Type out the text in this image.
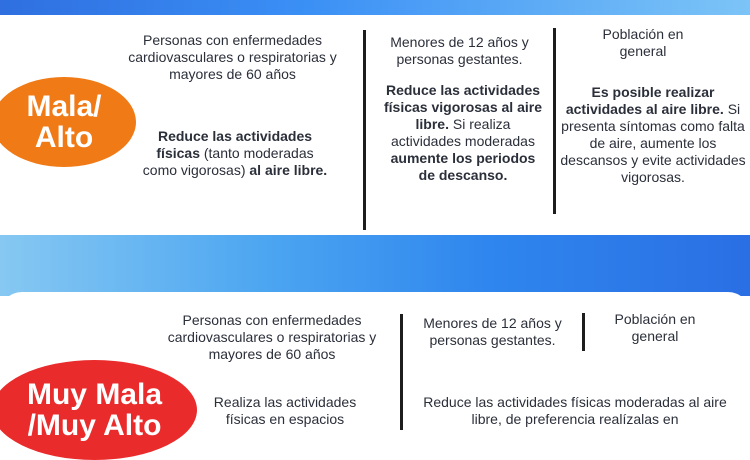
Mala/
Alto
Personas con enfermedades cardiovasculares o respiratorias y mayores de 60 años
Reduce las actividades físicas (tanto moderadas como vigorosas) al aire libre.
Menores de 12 años y personas gestantes.
Reduce las actividades físicas vigorosas al aire libre. Si realiza actividades moderadas aumente los periodos de descanso.
Población en general
Es posible realizar actividades al aire libre. Si presenta síntomas como falta de aire, aumente los descansos y evite actividades vigorosas.
Muy Mala
/Muy Alto
Personas con enfermedades cardiovasculares o respiratorias y mayores de 60 años
Realiza las actividades físicas en espacios
Menores de 12 años y personas gestantes.
Reduce las actividades físicas moderadas al aire libre, de preferencia realízalas en
Población en general
